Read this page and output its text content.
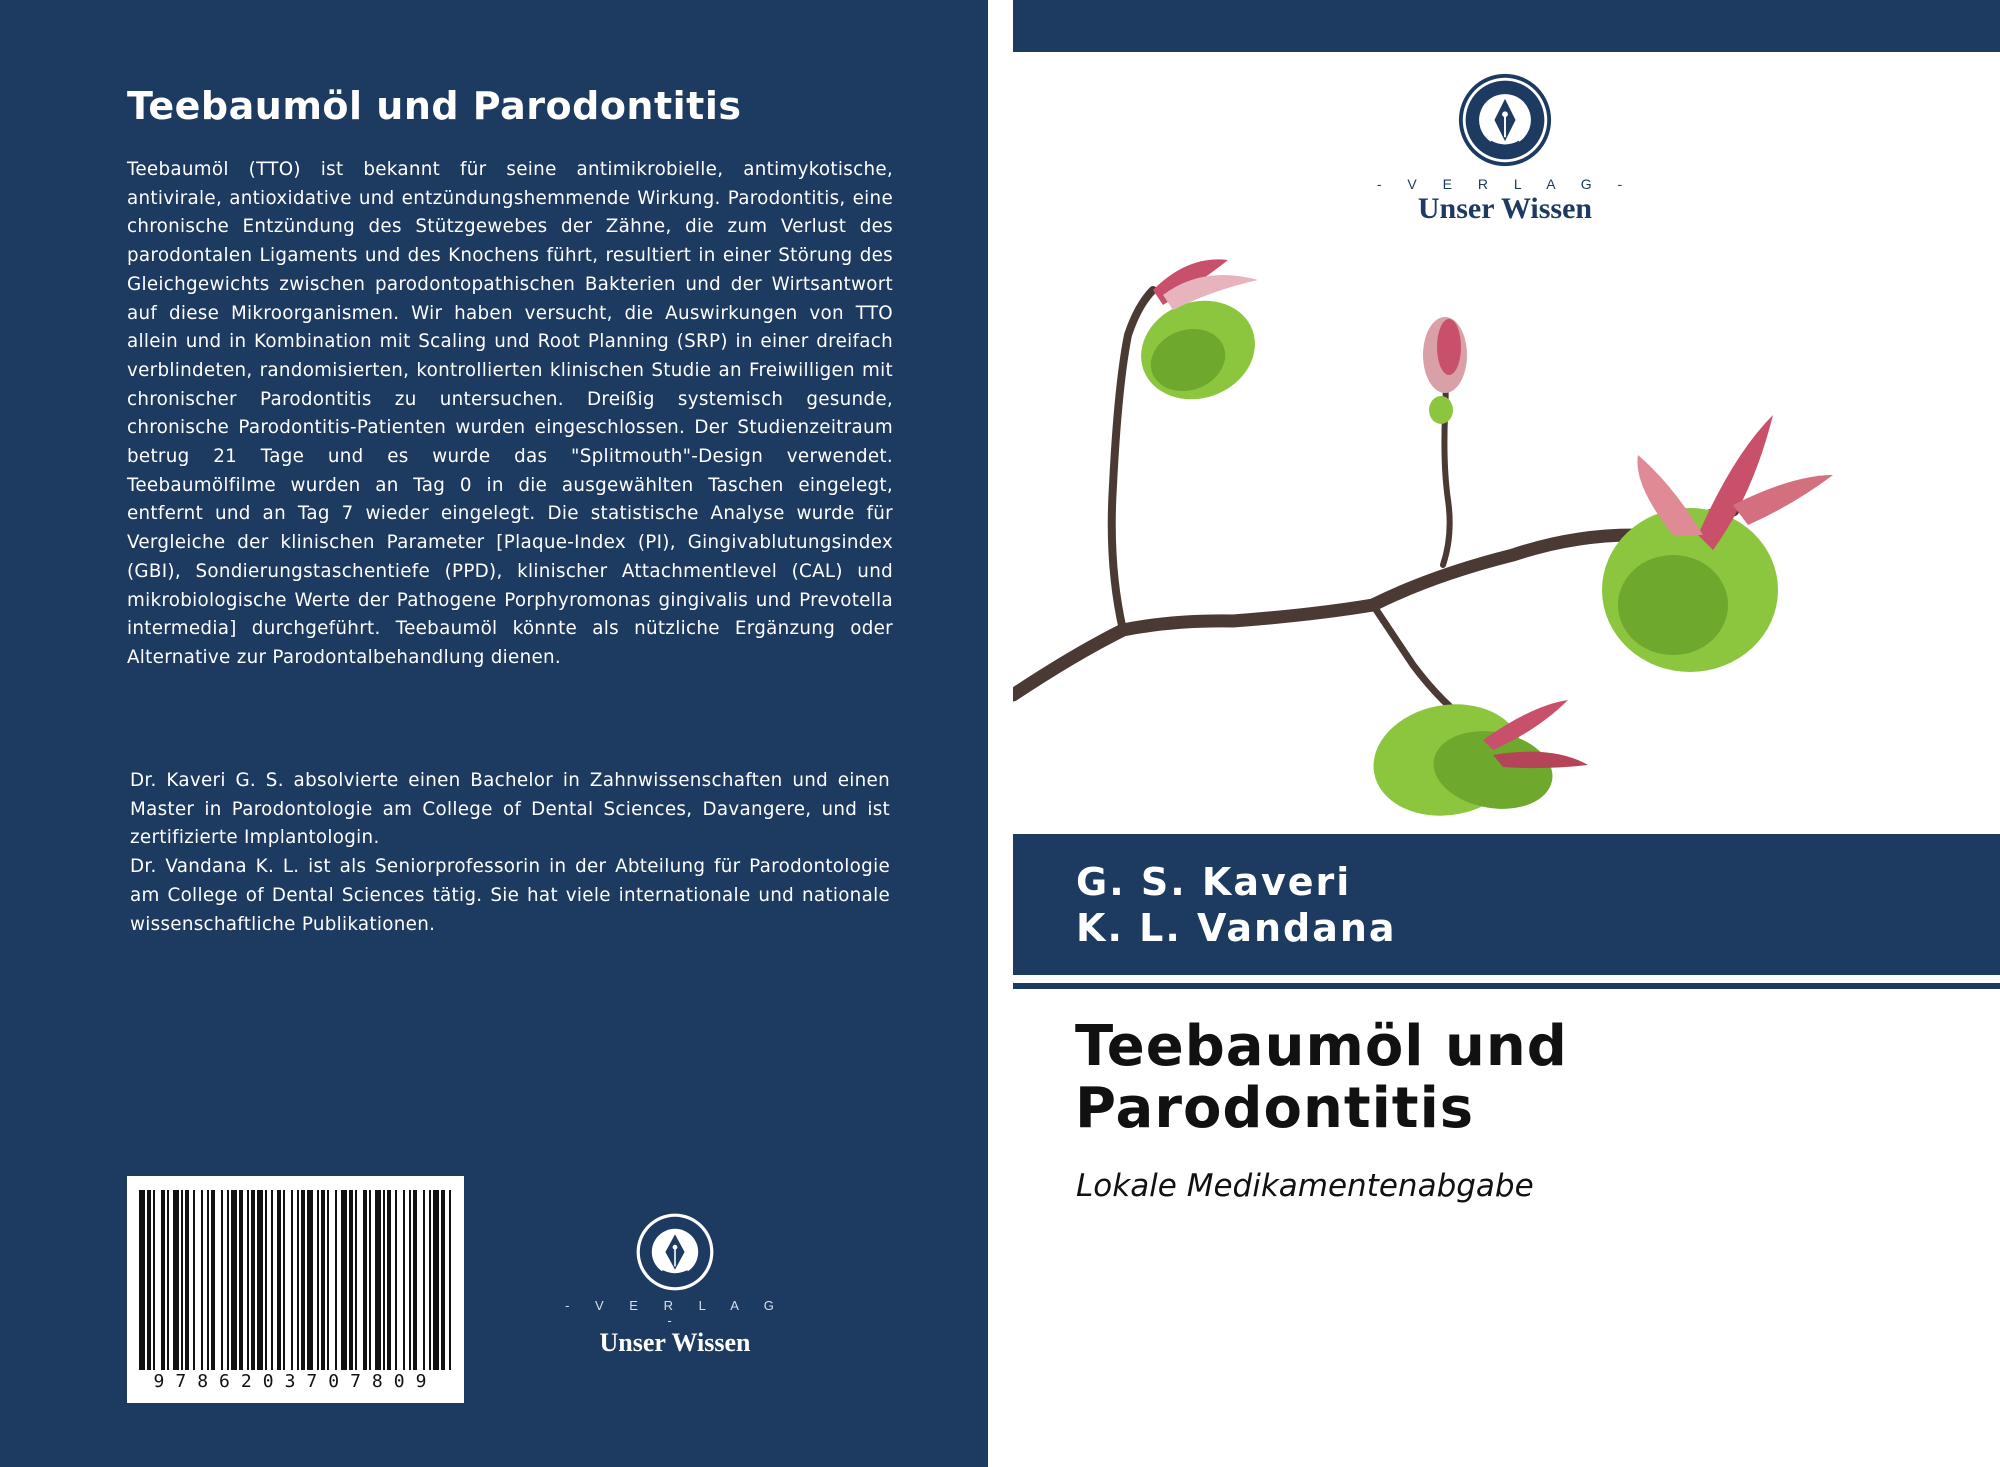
Teebaumöl und Parodontitis

Teebaumöl (TTO) ist bekannt für seine antimikrobielle, antimykotische, antivirale, antioxidative und entzündungshemmende Wirkung. Parodontitis, eine chronische Entzündung des Stützgewebes der Zähne, die zum Verlust des parodontalen Ligaments und des Knochens führt, resultiert in einer Störung des Gleichgewichts zwischen parodontopathischen Bakterien und der Wirtsantwort auf diese Mikroorganismen. Wir haben versucht, die Auswirkungen von TTO allein und in Kombination mit Scaling und Root Planning (SRP) in einer dreifach verblindeten, randomisierten, kontrollierten klinischen Studie an Freiwilligen mit chronischer Parodontitis zu untersuchen. Dreißig systemisch gesunde, chronische Parodontitis-Patienten wurden eingeschlossen. Der Studienzeitraum betrug 21 Tage und es wurde das "Splitmouth"-Design verwendet. Teebaumölfilme wurden an Tag 0 in die ausgewählten Taschen eingelegt, entfernt und an Tag 7 wieder eingelegt. Die statistische Analyse wurde für Vergleiche der klinischen Parameter [Plaque-Index (PI), Gingivablutungsindex (GBI), Sondierungstaschentiefe (PPD), klinischer Attachmentlevel (CAL) und mikrobiologische Werte der Pathogene Porphyromonas gingivalis und Prevotella intermedia] durchgeführt. Teebaumöl könnte als nützliche Ergänzung oder Alternative zur Parodontalbehandlung dienen.

Dr. Kaveri G. S. absolvierte einen Bachelor in Zahnwissenschaften und einen Master in Parodontologie am College of Dental Sciences, Davangere, und ist zertifizierte Implantologin.

Dr. Vandana K. L. ist als Seniorprofessorin in der Abteilung für Parodontologie am College of Dental Sciences tätig. Sie hat viele internationale und nationale wissenschaftliche Publikationen.

9786203707809
- V E R L A G -
Unser Wissen
- V E R L A G -
Unser Wissen
G. S. Kaveri
K. L. Vandana
Teebaumöl und Parodontitis
Lokale Medikamentenabgabe
